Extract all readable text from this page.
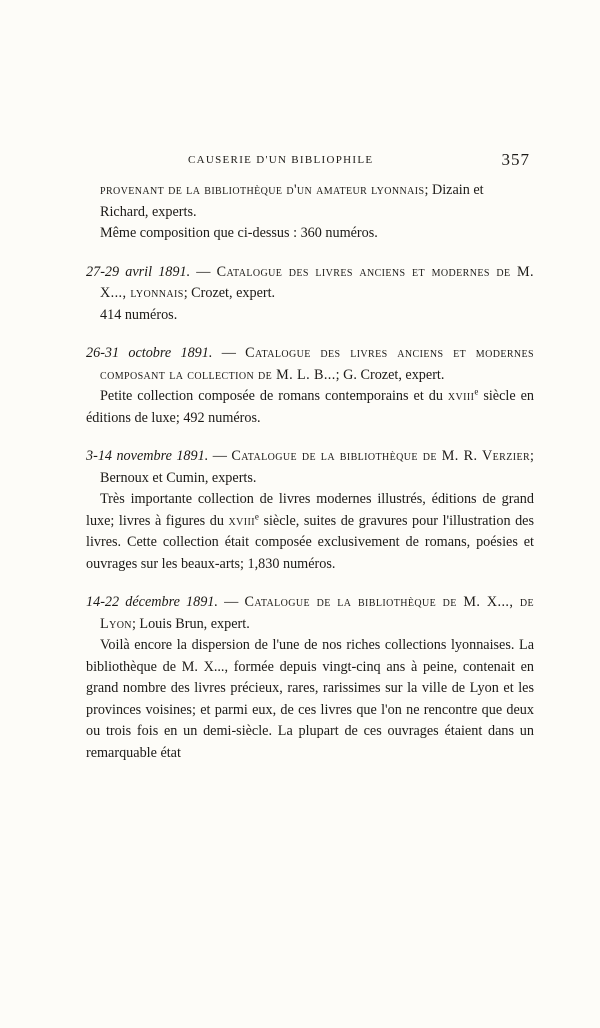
CAUSERIE D'UN BIBLIOPHILE	357

provenant de la bibliothèque d'un amateur lyonnais; Dizain et Richard, experts.

Même composition que ci-dessus : 360 numéros.

27-29 avril 1891. — Catalogue des livres anciens et modernes de M. X..., lyonnais; Crozet, expert.

414 numéros.

26-31 octobre 1891. — Catalogue des livres anciens et modernes composant la collection de M. L. B...; G. Crozet, expert.

Petite collection composée de romans contemporains et du xviii$^e$ siècle en éditions de luxe; 492 numéros.

3-14 novembre 1891. — Catalogue de la bibliothèque de M. R. Verzier; Bernoux et Cumin, experts.

Très importante collection de livres modernes illustrés, éditions de grand luxe; livres à figures du xviii$^e$ siècle, suites de gravures pour l'illustration des livres. Cette collection était composée exclusivement de romans, poésies et ouvrages sur les beaux-arts; 1,830 numéros.

14-22 décembre 1891. — Catalogue de la bibliothèque de M. X..., de Lyon; Louis Brun, expert.

Voilà encore la dispersion de l'une de nos riches collections lyonnaises. La bibliothèque de M. X..., formée depuis vingt-cinq ans à peine, contenait en grand nombre des livres précieux, rares, rarissimes sur la ville de Lyon et les provinces voisines; et parmi eux, de ces livres que l'on ne rencontre que deux ou trois fois en un demi-siècle. La plupart de ces ouvrages étaient dans un remarquable état
